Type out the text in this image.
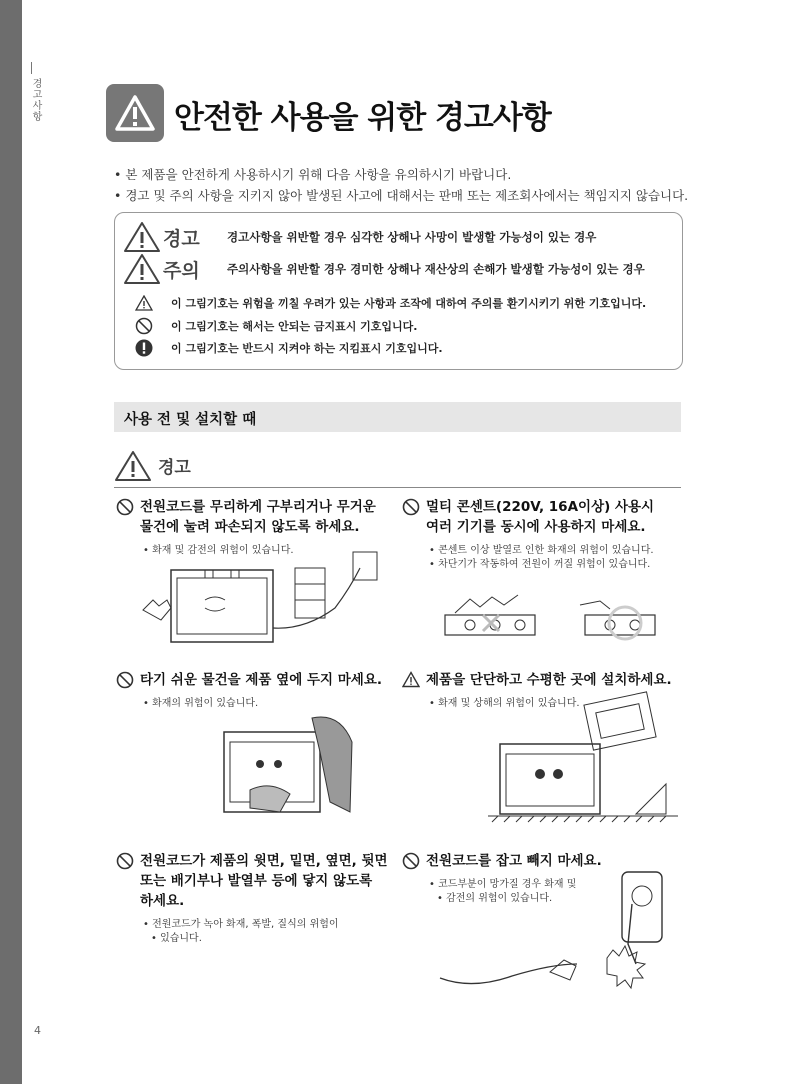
경고사항
4
안전한 사용을 위한 경고사항
• 본 제품을 안전하게 사용하시기 위해 다음 사항을 유의하시기 바랍니다.
• 경고 및 주의 사항을 지키지 않아 발생된 사고에 대해서는 판매 또는 제조회사에서는 책임지지 않습니다.
경고	경고사항을 위반할 경우 심각한 상해나 사망이 발생할 가능성이 있는 경우
주의	주의사항을 위반할 경우 경미한 상해나 재산상의 손해가 발생할 가능성이 있는 경우
이 그림기호는 위험을 끼칠 우려가 있는 사항과 조작에 대하여 주의를 환기시키기 위한 기호입니다.
이 그림기호는 해서는 안되는 금지표시 기호입니다.
이 그림기호는 반드시 지켜야 하는 지킴표시 기호입니다.
사용 전 및 설치할 때
경고
전원코드를 무리하게 구부리거나 무거운
물건에 눌려 파손되지 않도록 하세요.
• 화재 및 감전의 위험이 있습니다.
멀티 콘센트(220V, 16A이상) 사용시
여러 기기를 동시에 사용하지 마세요.
• 콘센트 이상 발열로 인한 화재의 위험이 있습니다.
• 차단기가 작동하여 전원이 꺼질 위험이 있습니다.
타기 쉬운 물건을 제품 옆에 두지 마세요.
• 화재의 위험이 있습니다.
제품을 단단하고 수평한 곳에 설치하세요.
• 화재 및 상해의 위험이 있습니다.
전원코드가 제품의 윗면, 밑면, 옆면, 뒷면
또는 배기부나 발열부 등에 닿지 않도록
하세요.
• 전원코드가 녹아 화재, 폭발, 질식의 위험이
• 있습니다.
전원코드를 잡고 빼지 마세요.
• 코드부분이 망가질 경우 화재 및
• 감전의 위험이 있습니다.
